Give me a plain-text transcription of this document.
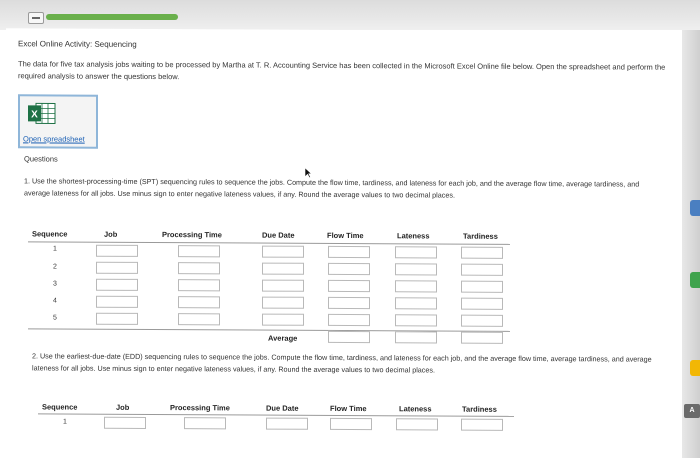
Excel Online Activity: Sequencing
The data for five tax analysis jobs waiting to be processed by Martha at T. R. Accounting Service has been collected in the Microsoft Excel Online file below. Open the spreadsheet and perform the required analysis to answer the questions below.
X
Open spreadsheet
Questions
1. Use the shortest-processing-time (SPT) sequencing rules to sequence the jobs. Compute the flow time, tardiness, and lateness for each job, and the average flow time, average tardiness, and average lateness for all jobs. Use minus sign to enter negative lateness values, if any. Round the average values to two decimal places.
Sequence	Job	Processing Time	Due Date	Flow Time	Lateness	Tardiness
1
2
3
4
5
Average
2. Use the earliest-due-date (EDD) sequencing rules to sequence the jobs. Compute the flow time, tardiness, and lateness for each job, and the average flow time, average tardiness, and average lateness for all jobs. Use minus sign to enter negative lateness values, if any. Round the average values to two decimal places.
Sequence	Job	Processing Time	Due Date	Flow Time	Lateness	Tardiness
1
A
